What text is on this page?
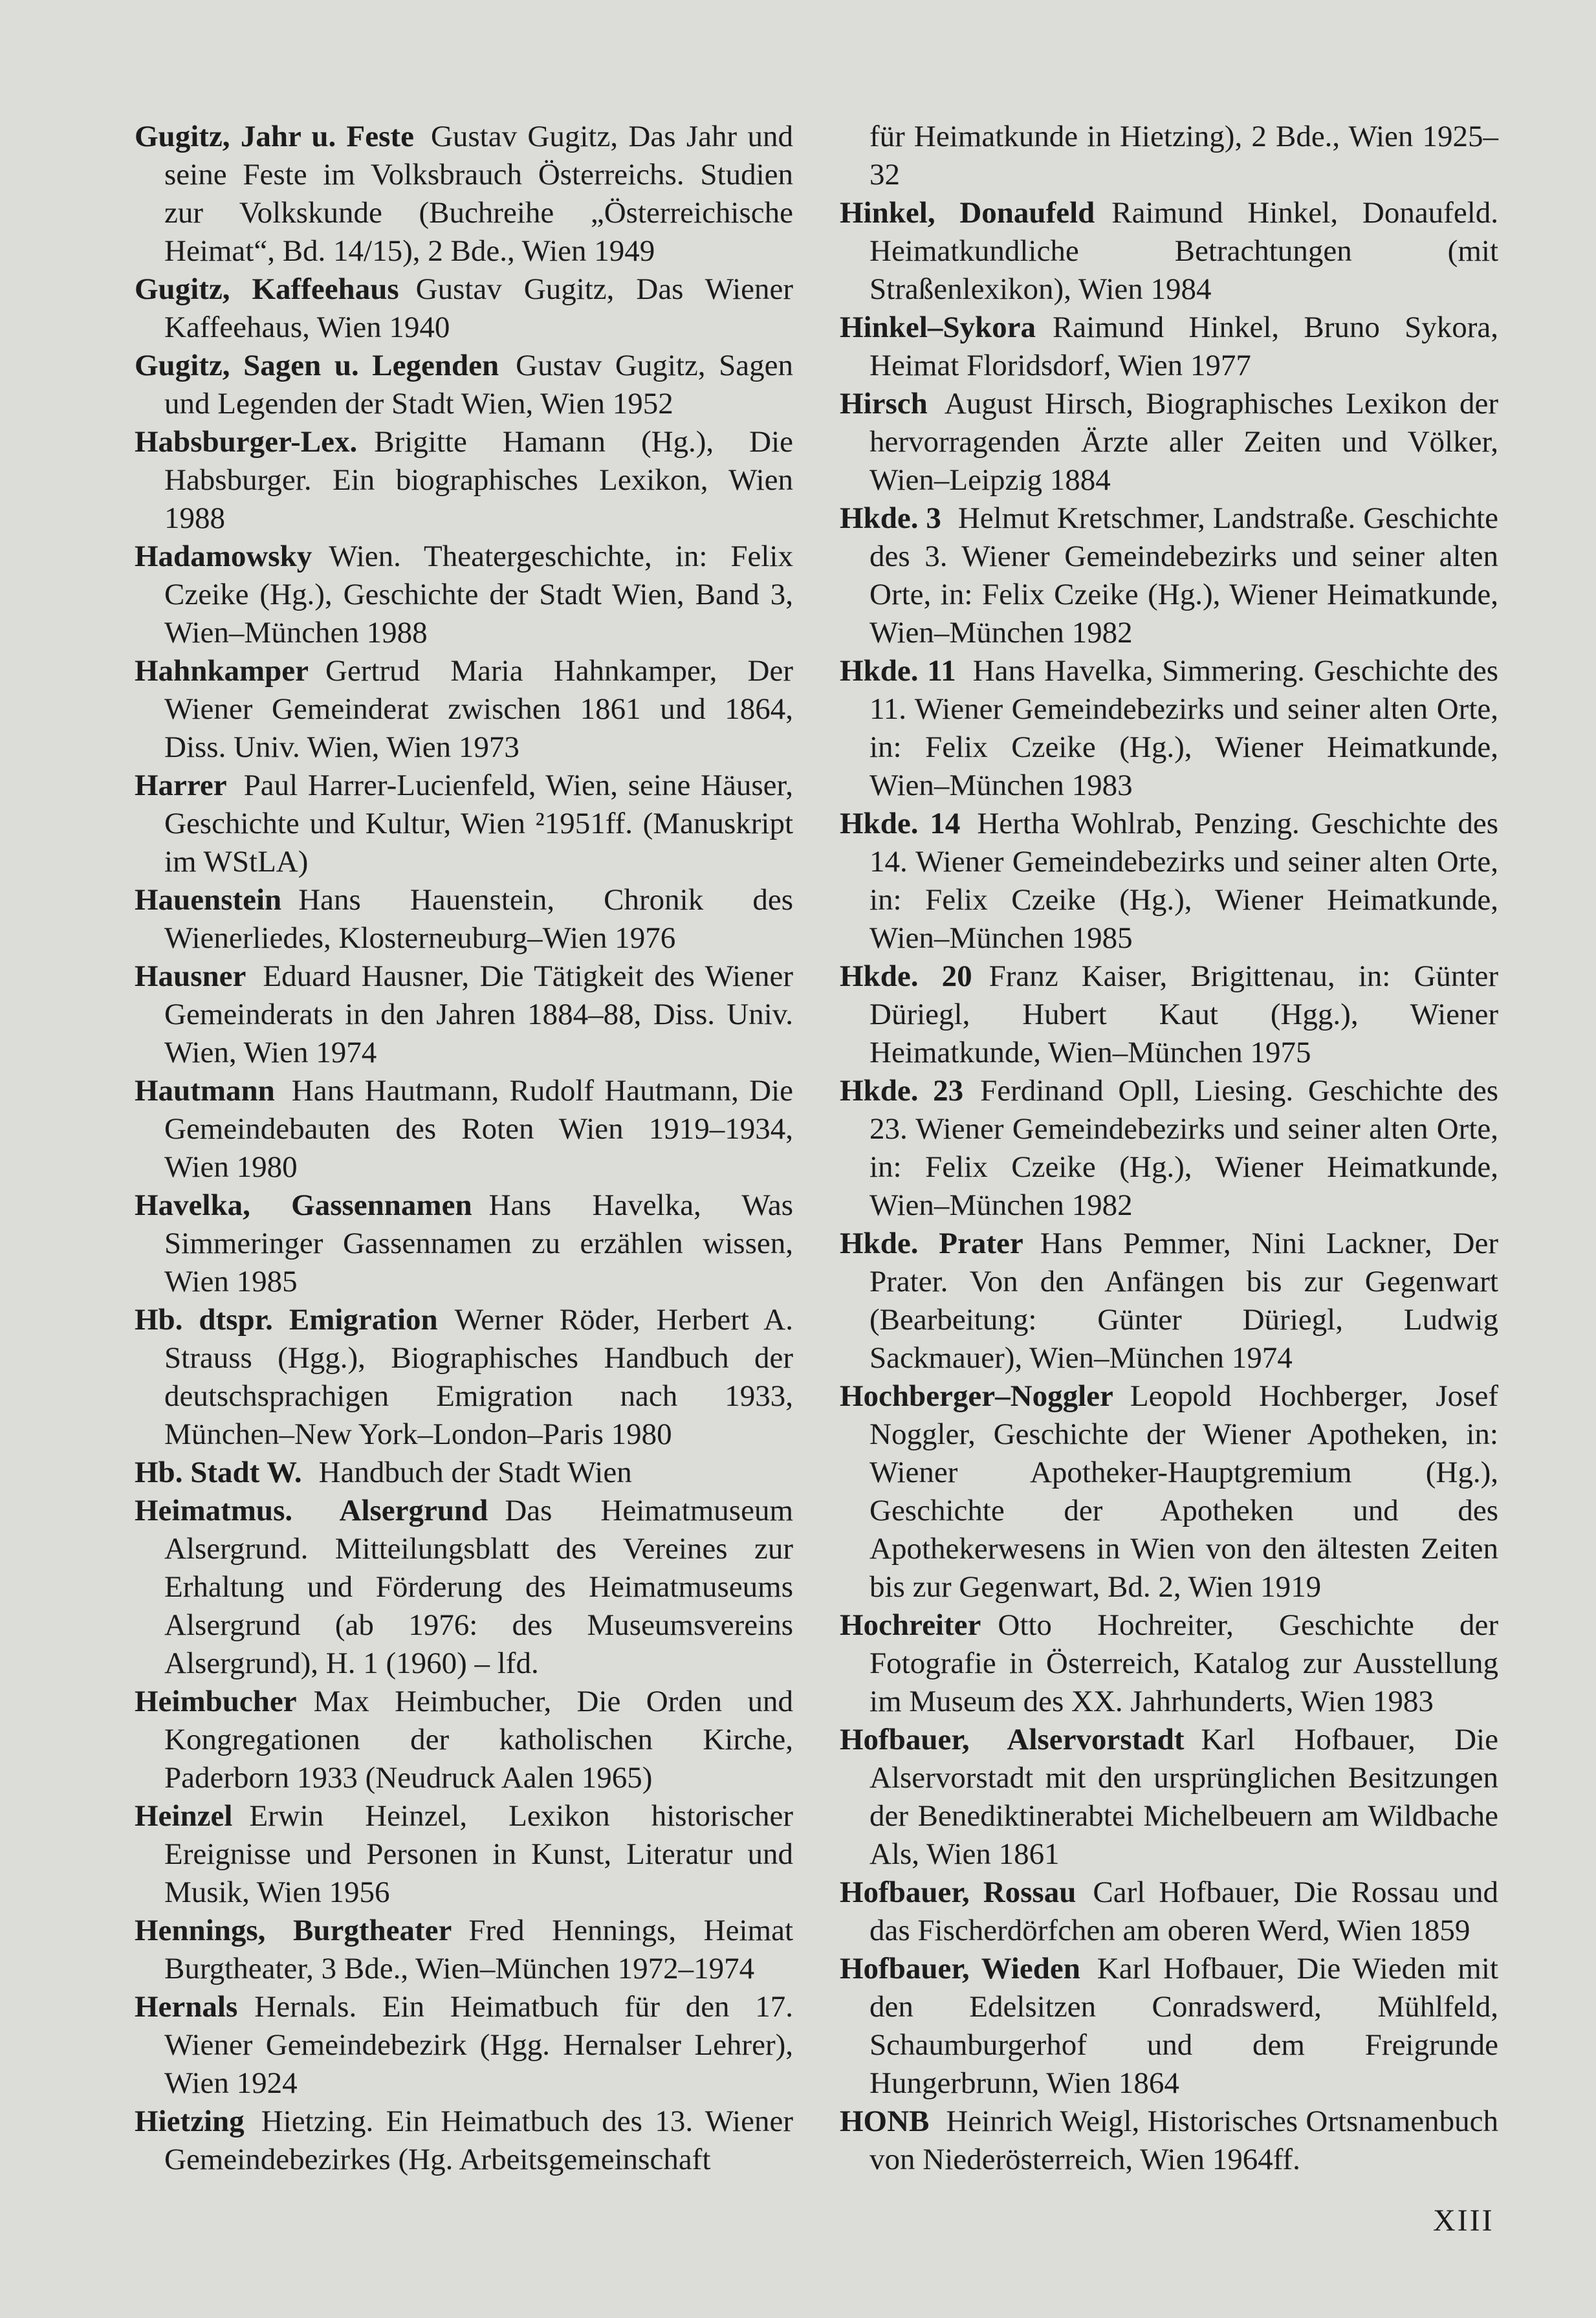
Gugitz, Jahr u. Feste Gustav Gugitz, Das Jahr und seine Feste im Volksbrauch Österreichs. Studien zur Volkskunde (Buchreihe „Österreichische Heimat“, Bd. 14/15), 2 Bde., Wien 1949

Gugitz, Kaffeehaus Gustav Gugitz, Das Wiener Kaffeehaus, Wien 1940

Gugitz, Sagen u. Legenden Gustav Gugitz, Sagen und Legenden der Stadt Wien, Wien 1952

Habsburger-Lex. Brigitte Hamann (Hg.), Die Habsburger. Ein biographisches Lexikon, Wien 1988

Hadamowsky Wien. Theatergeschichte, in: Felix Czeike (Hg.), Geschichte der Stadt Wien, Band 3, Wien–München 1988

Hahnkamper Gertrud Maria Hahnkamper, Der Wiener Gemeinderat zwischen 1861 und 1864, Diss. Univ. Wien, Wien 1973

Harrer Paul Harrer-Lucienfeld, Wien, seine Häuser, Geschichte und Kultur, Wien ²1951ff. (Manuskript im WStLA)

Hauenstein Hans Hauenstein, Chronik des Wienerliedes, Klosterneuburg–Wien 1976

Hausner Eduard Hausner, Die Tätigkeit des Wiener Gemeinderats in den Jahren 1884–88, Diss. Univ. Wien, Wien 1974

Hautmann Hans Hautmann, Rudolf Hautmann, Die Gemeindebauten des Roten Wien 1919–1934, Wien 1980

Havelka, Gassennamen Hans Havelka, Was Simmeringer Gassennamen zu erzählen wissen, Wien 1985

Hb. dtspr. Emigration Werner Röder, Herbert A. Strauss (Hgg.), Biographisches Handbuch der deutschsprachigen Emigration nach 1933, München–New York–London–Paris 1980

Hb. Stadt W. Handbuch der Stadt Wien

Heimatmus. Alsergrund Das Heimatmuseum Alsergrund. Mitteilungsblatt des Vereines zur Erhaltung und Förderung des Heimatmuseums Alsergrund (ab 1976: des Museumsvereins Alsergrund), H. 1 (1960) – lfd.

Heimbucher Max Heimbucher, Die Orden und Kongregationen der katholischen Kirche, Paderborn 1933 (Neudruck Aalen 1965)

Heinzel Erwin Heinzel, Lexikon historischer Ereignisse und Personen in Kunst, Literatur und Musik, Wien 1956

Hennings, Burgtheater Fred Hennings, Heimat Burgtheater, 3 Bde., Wien–München 1972–1974

Hernals Hernals. Ein Heimatbuch für den 17. Wiener Gemeindebezirk (Hgg. Hernalser Lehrer), Wien 1924

Hietzing Hietzing. Ein Heimatbuch des 13. Wiener Gemeindebezirkes (Hg. Arbeitsgemeinschaft

für Heimatkunde in Hietzing), 2 Bde., Wien 1925–32

Hinkel, Donaufeld Raimund Hinkel, Donaufeld. Heimatkundliche Betrachtungen (mit Straßenlexikon), Wien 1984

Hinkel–Sykora Raimund Hinkel, Bruno Sykora, Heimat Floridsdorf, Wien 1977

Hirsch August Hirsch, Biographisches Lexikon der hervorragenden Ärzte aller Zeiten und Völker, Wien–Leipzig 1884

Hkde. 3 Helmut Kretschmer, Landstraße. Geschichte des 3. Wiener Gemeindebezirks und seiner alten Orte, in: Felix Czeike (Hg.), Wiener Heimatkunde, Wien–München 1982

Hkde. 11 Hans Havelka, Simmering. Geschichte des 11. Wiener Gemeindebezirks und seiner alten Orte, in: Felix Czeike (Hg.), Wiener Heimatkunde, Wien–München 1983

Hkde. 14 Hertha Wohlrab, Penzing. Geschichte des 14. Wiener Gemeindebezirks und seiner alten Orte, in: Felix Czeike (Hg.), Wiener Heimatkunde, Wien–München 1985

Hkde. 20 Franz Kaiser, Brigittenau, in: Günter Düriegl, Hubert Kaut (Hgg.), Wiener Heimatkunde, Wien–München 1975

Hkde. 23 Ferdinand Opll, Liesing. Geschichte des 23. Wiener Gemeindebezirks und seiner alten Orte, in: Felix Czeike (Hg.), Wiener Heimatkunde, Wien–München 1982

Hkde. Prater Hans Pemmer, Nini Lackner, Der Prater. Von den Anfängen bis zur Gegenwart (Bearbeitung: Günter Düriegl, Ludwig Sackmauer), Wien–München 1974

Hochberger–Noggler Leopold Hochberger, Josef Noggler, Geschichte der Wiener Apotheken, in: Wiener Apotheker-Hauptgremium (Hg.), Geschichte der Apotheken und des Apothekerwesens in Wien von den ältesten Zeiten bis zur Gegenwart, Bd. 2, Wien 1919

Hochreiter Otto Hochreiter, Geschichte der Fotografie in Österreich, Katalog zur Ausstellung im Museum des XX. Jahrhunderts, Wien 1983

Hofbauer, Alservorstadt Karl Hofbauer, Die Alservorstadt mit den ursprünglichen Besitzungen der Benediktinerabtei Michelbeuern am Wildbache Als, Wien 1861

Hofbauer, Rossau Carl Hofbauer, Die Rossau und das Fischerdörfchen am oberen Werd, Wien 1859

Hofbauer, Wieden Karl Hofbauer, Die Wieden mit den Edelsitzen Conradswerd, Mühlfeld, Schaumburgerhof und dem Freigrunde Hungerbrunn, Wien 1864

HONB Heinrich Weigl, Historisches Ortsnamenbuch von Niederösterreich, Wien 1964ff.

XIII
